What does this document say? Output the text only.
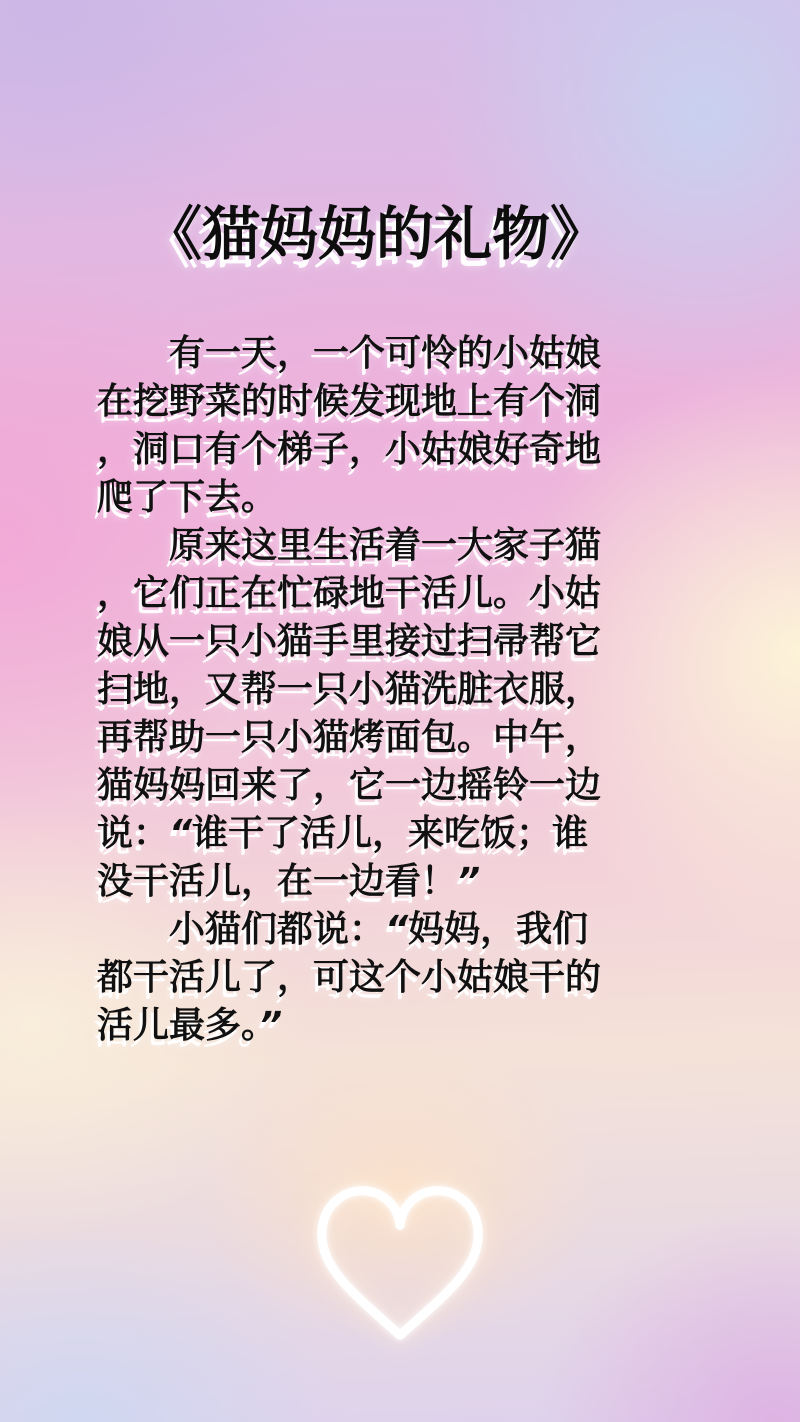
《猫妈妈的礼物》

有一天，一个可怜的小姑娘在挖野菜的时候发现地上有个洞，洞口有个梯子，小姑娘好奇地爬了下去。

原来这里生活着一大家子猫，它们正在忙碌地干活儿。小姑娘从一只小猫手里接过扫帚帮它扫地，又帮一只小猫洗脏衣服，再帮助一只小猫烤面包。中午，猫妈妈回来了，它一边摇铃一边说：“谁干了活儿，来吃饭；谁没干活儿，在一边看！”

小猫们都说：“妈妈，我们都干活儿了，可这个小姑娘干的活儿最多。”
